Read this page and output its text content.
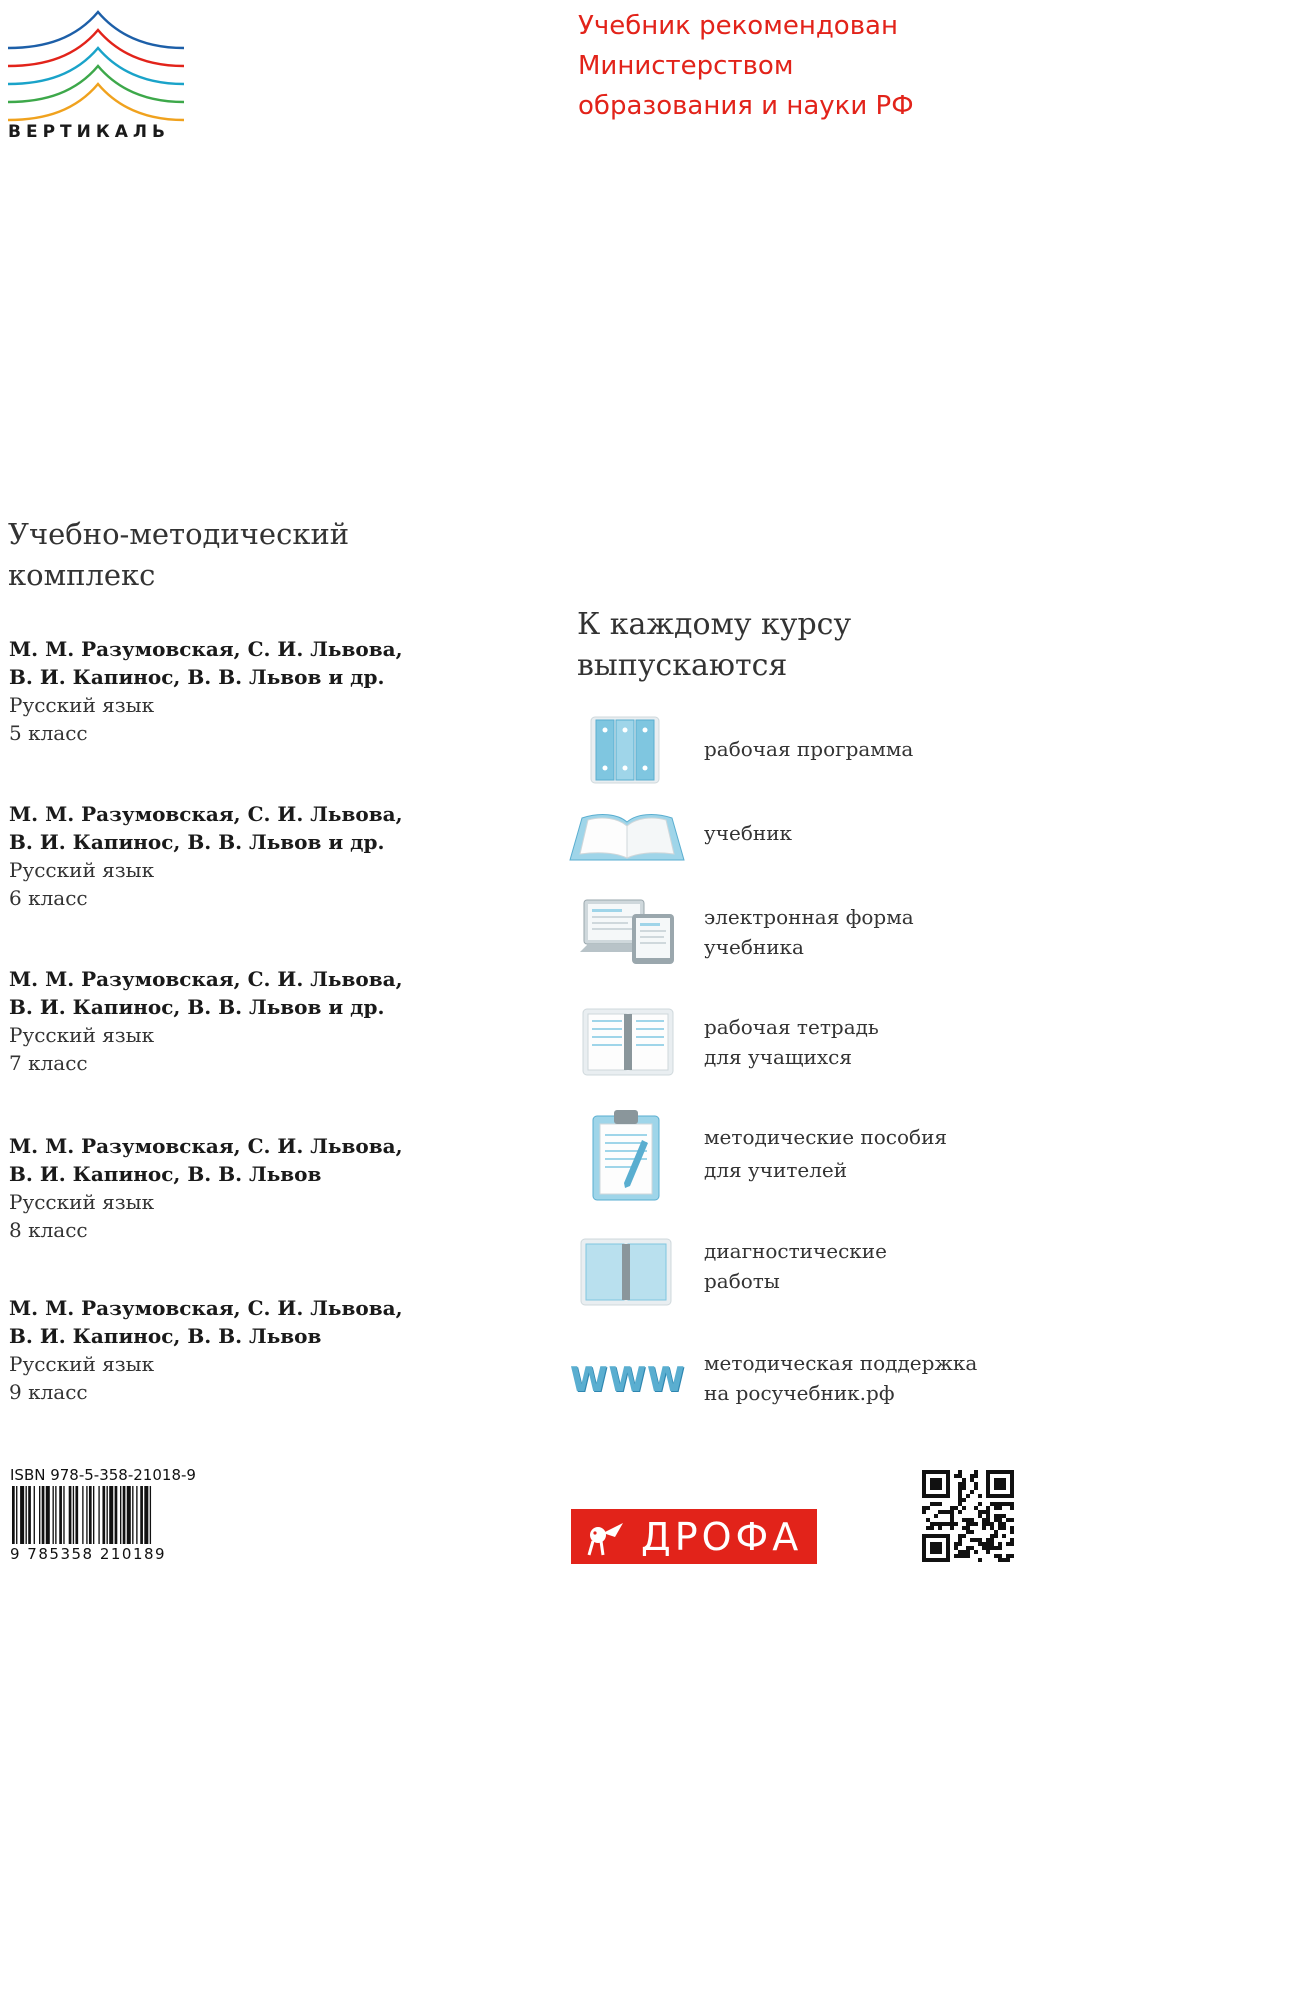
ВЕРТИКАЛЬ
Учебник рекомендован
Министерством
образования и науки РФ
Учебно-методический
комплекс
М. М. Разумовская, С. И. Львова,
В. И. Капинос, В. В. Львов и др.
Русский язык
5 класс
М. М. Разумовская, С. И. Львова,
В. И. Капинос, В. В. Львов и др.
Русский язык
6 класс
М. М. Разумовская, С. И. Львова,
В. И. Капинос, В. В. Львов и др.
Русский язык
7 класс
М. М. Разумовская, С. И. Львова,
В. И. Капинос, В. В. Львов
Русский язык
8 класс
М. М. Разумовская, С. И. Львова,
В. И. Капинос, В. В. Львов
Русский язык
9 класс
К каждому курсу
выпускаются
рабочая программа
учебник
электронная форма
учебника
рабочая тетрадь
для учащихся
методические пособия
для учителей
диагностические
работы
WWW методическая поддержка
на росучебник.рф
ISBN 978-5-358-21018-9
9 785358 210189	ДРОФА
